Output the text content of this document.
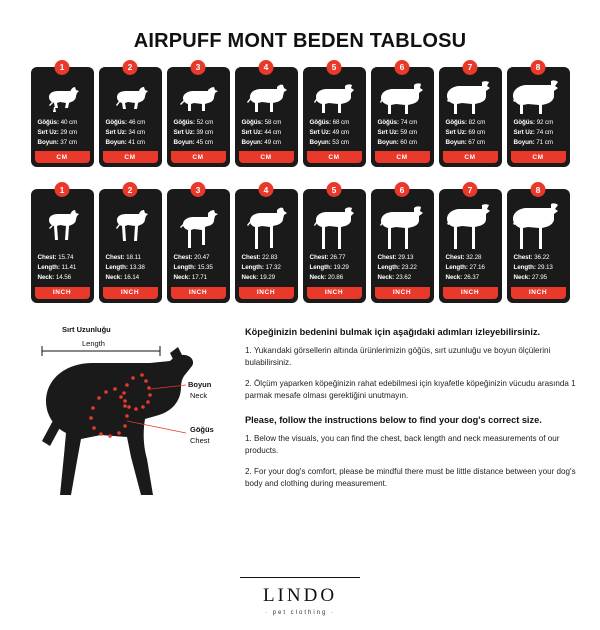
AIRPUFF MONT BEDEN TABLOSU
1
Göğüs: 40 cm
Sırt Uz: 29 cm
Boyun: 37 cm
CM
2
Göğüs: 46 cm
Sırt Uz: 34 cm
Boyun: 41 cm
CM
3
Göğüs: 52 cm
Sırt Uz: 39 cm
Boyun: 45 cm
CM
4
Göğüs: 58 cm
Sırt Uz: 44 cm
Boyun: 49 cm
CM
5
Göğüs: 68 cm
Sırt Uz: 49 cm
Boyun: 53 cm
CM
6
Göğüs: 74 cm
Sırt Uz: 59 cm
Boyun: 60 cm
CM
7
Göğüs: 82 cm
Sırt Uz: 69 cm
Boyun: 67 cm
CM
8
Göğüs: 92 cm
Sırt Uz: 74 cm
Boyun: 71 cm
CM
1
Chest: 15.74
Length: 11.41
Neck: 14.56
INCH
2
Chest: 18.11
Length: 13.38
Neck: 16.14
INCH
3
Chest: 20.47
Length: 15.35
Neck: 17.71
INCH
4
Chest: 22.83
Length: 17.32
Neck: 19.29
INCH
5
Chest: 26.77
Length: 19.29
Neck: 20.86
INCH
6
Chest: 29.13
Length: 23.22
Neck: 23.62
INCH
7
Chest: 32.28
Length: 27.16
Neck: 26.37
INCH
8
Chest: 36.22
Length: 29.13
Neck: 27.95
INCH
Sırt Uzunluğu
Length
Boyun
Neck
Göğüs
Chest
Köpeğinizin bedenini bulmak için aşağıdaki adımları izleyebilirsiniz.

1. Yukarıdaki görsellerin altında ürünlerimizin göğüs, sırt uzunluğu ve boyun ölçülerini bulabilirsiniz.

2. Ölçüm yaparken köpeğinizin rahat edebilmesi için kıyafetle köpeğinizin vücudu arasında 1 parmak mesafe olması gerektiğini unutmayın.

Please, follow the instructions below to find your dog's correct size.

1. Below the visuals, you can find the chest, back length and neck measurements of our products.

2. For your dog's comfort, please be mindful there must be little distance between your dog's body and clothing during measurement.

LINDO
· pet clothing ·
